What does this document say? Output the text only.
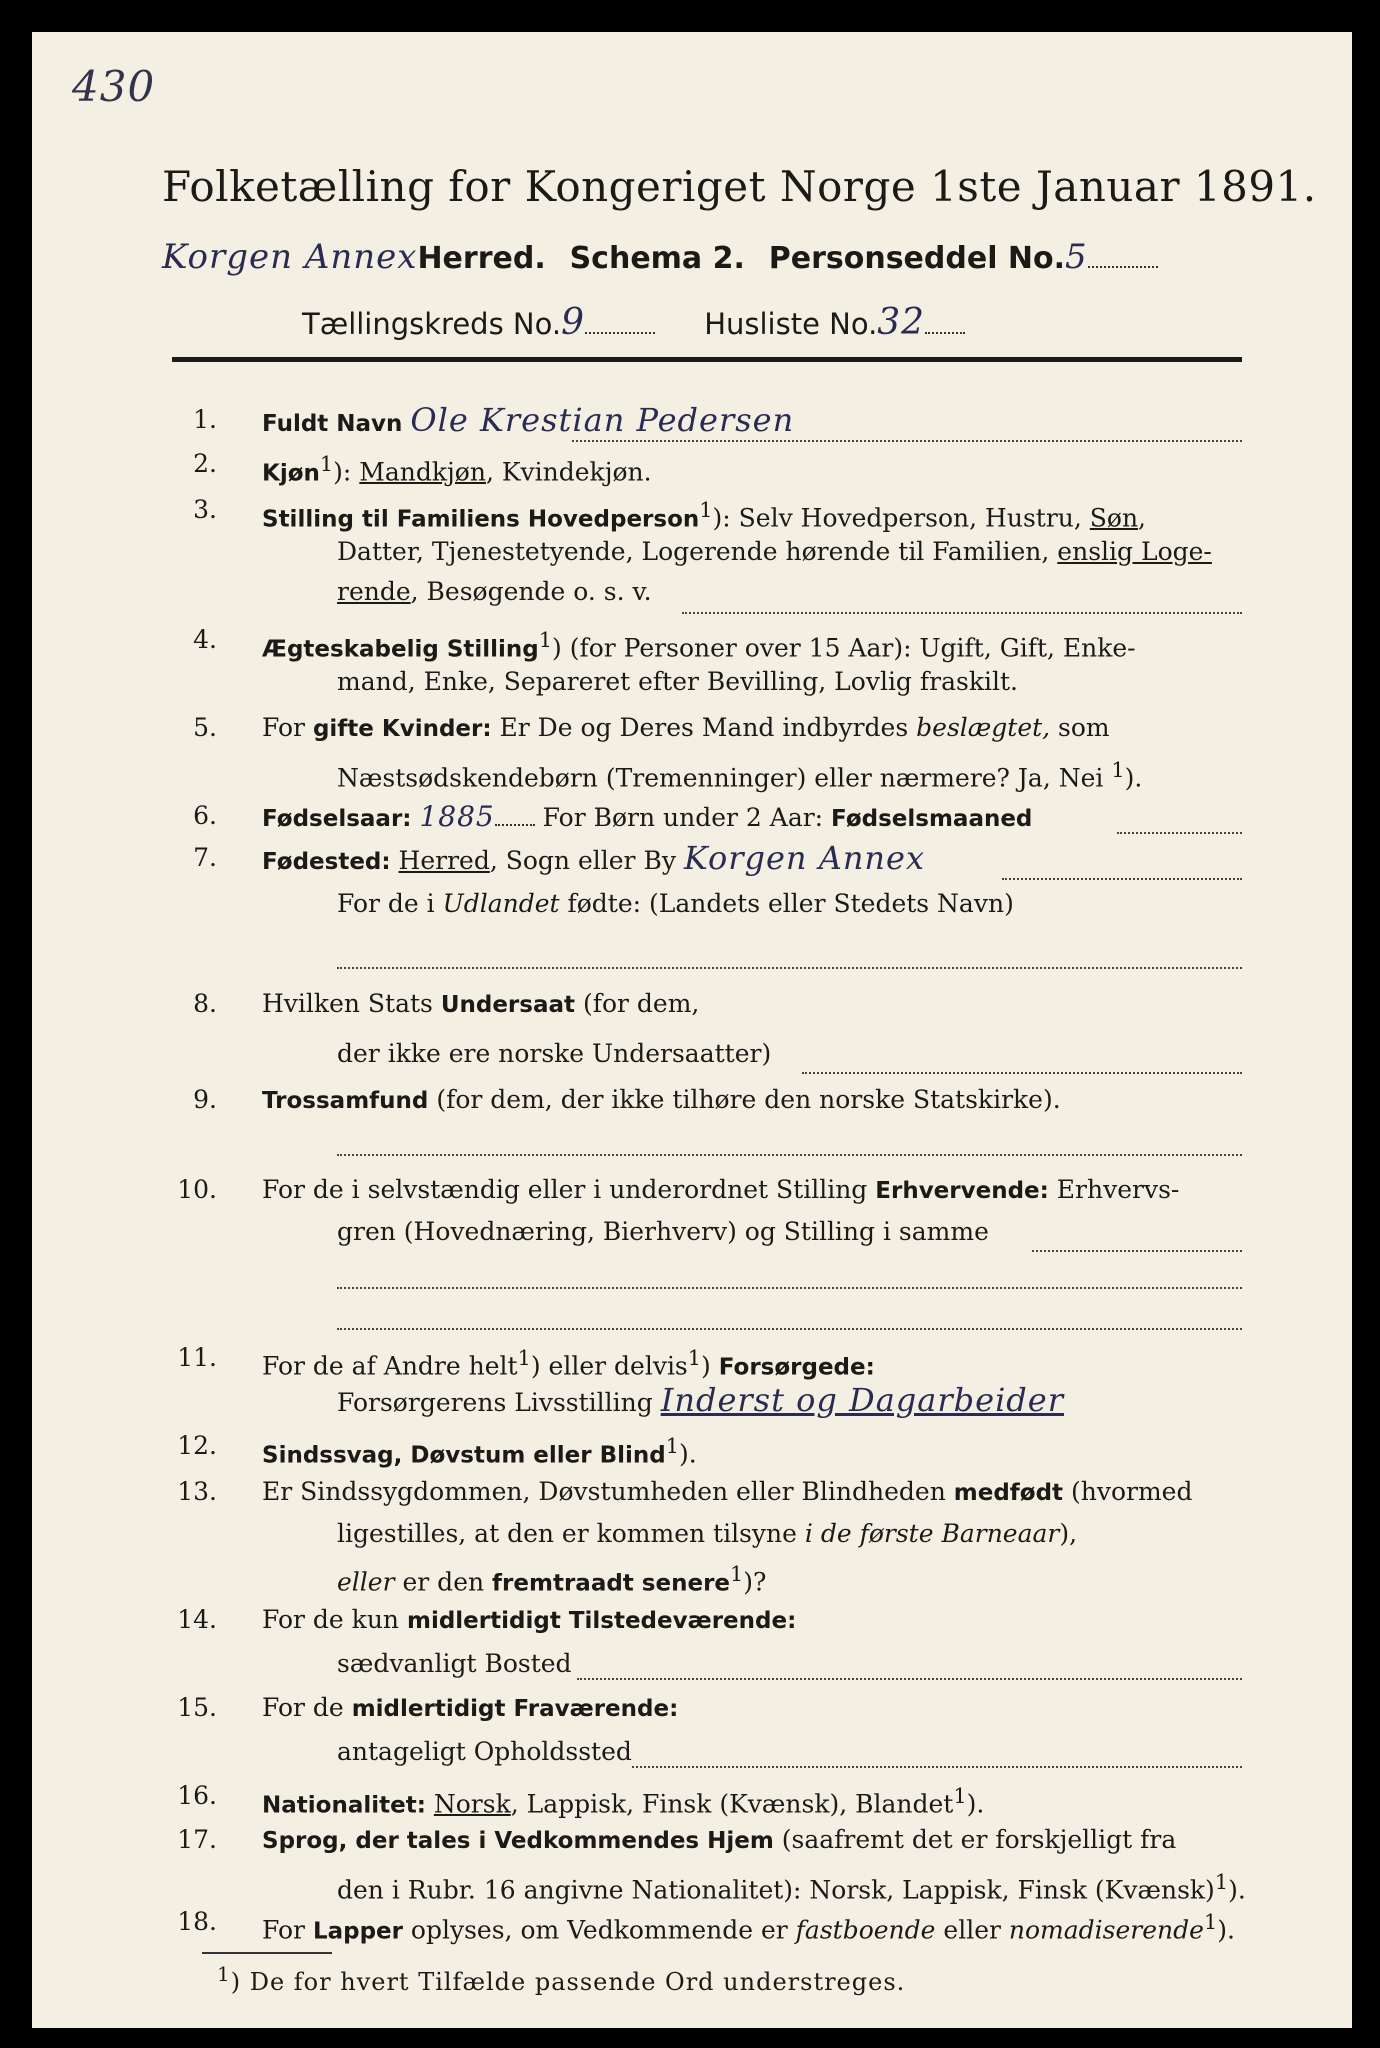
430
Folketælling for Kongeriget Norge 1ste Januar 1891.
Korgen AnnexHerred. Schema 2. Personseddel No.5
Tællingskreds No.9	Husliste No.32
1. Fuldt Navn Ole Krestian Pedersen
2. Kjøn$^1$): Mandkjøn, Kvindekjøn.
3. Stilling til Familiens Hovedperson$^1$): Selv Hovedperson, Hustru, Søn,
Datter, Tjenestetyende, Logerende hørende til Familien, enslig Loge-
rende, Besøgende o. s. v.
4. Ægteskabelig Stilling$^1$) (for Personer over 15 Aar): Ugift, Gift, Enke-
mand, Enke, Separeret efter Bevilling, Lovlig fraskilt.
5. For gifte Kvinder: Er De og Deres Mand indbyrdes beslægtet, som
Næstsødskendebørn (Tremenninger) eller nærmere? Ja, Nei $^1$).
6. Fødselsaar: 1885 For Børn under 2 Aar: Fødselsmaaned
7. Fødested: Herred, Sogn eller By Korgen Annex
For de i Udlandet fødte: (Landets eller Stedets Navn)
8. Hvilken Stats Undersaat (for dem,
der ikke ere norske Undersaatter)
9. Trossamfund (for dem, der ikke tilhøre den norske Statskirke).
10. For de i selvstændig eller i underordnet Stilling Erhvervende: Erhvervs-
gren (Hovednæring, Bierhverv) og Stilling i samme
11. For de af Andre helt$^1$) eller delvis$^1$) Forsørgede:
Forsørgerens Livsstilling Inderst og Dagarbeider
12. Sindssvag, Døvstum eller Blind$^1$).
13. Er Sindssygdommen, Døvstumheden eller Blindheden medfødt (hvormed
ligestilles, at den er kommen tilsyne i de første Barneaar),
eller er den fremtraadt senere$^1$)?
14. For de kun midlertidigt Tilstedeværende:
sædvanligt Bosted
15. For de midlertidigt Fraværende:
antageligt Opholdssted
16. Nationalitet: Norsk, Lappisk, Finsk (Kvænsk), Blandet$^1$).
17. Sprog, der tales i Vedkommendes Hjem (saafremt det er forskjelligt fra
den i Rubr. 16 angivne Nationalitet): Norsk, Lappisk, Finsk (Kvænsk)$^1$).
18. For Lapper oplyses, om Vedkommende er fastboende eller nomadiserende$^1$).
$^1$) De for hvert Tilfælde passende Ord understreges.
